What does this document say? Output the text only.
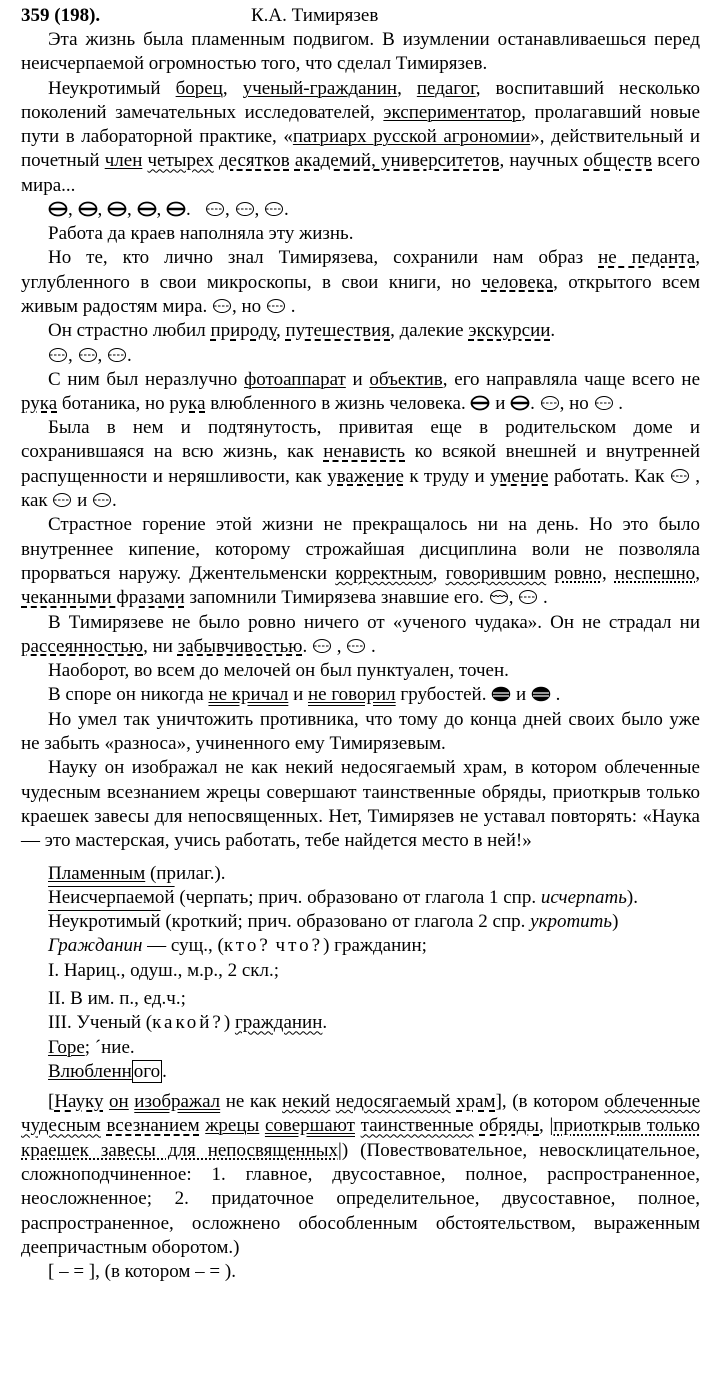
359 (198).	К.А. Тимирязев

Эта жизнь была пламенным подвигом. В изумлении останавливаешься перед неисчерпаемой огромностью того, что сделал Тимирязев.

Неукротимый борец, ученый-гражданин, педагог, воспитавший несколько поколений замечательных исследователей, экспериментатор, пролагавший новые пути в лабораторной практике, «патриарх русской агрономии», действительный и почетный член четырех десятков академий, университетов, научных обществ всего мира...

, , , , .   , , .

Работа да краев наполняла эту жизнь.

Но те, кто лично знал Тимирязева, сохранили нам образ не педанта, углубленного в свои микроскопы, в свои книги, но человека, открытого всем живым радостям мира. , но  .

Он страстно любил природу, путешествия, далекие экскурсии.

, , .

С ним был неразлучно фотоаппарат и объектив, его направляла чаще всего не рука ботаника, но рука влюбленного в жизнь человека.  и . , но  .

Была в нем и подтянутость, привитая еще в родительском доме и сохранившаяся на всю жизнь, как ненависть ко всякой внешней и внутренней распущенности и неряшливости, как уважение к труду и умение работать. Как  , как  и .

Страстное горение этой жизни не прекращалось ни на день. Но это было внутреннее кипение, которому строжайшая дисциплина воли не позволяла прорваться наружу. Джентельменски корректным, говорившим ровно, неспешно, чеканными фразами запомнили Тимирязева знавшие его. ,  .

В Тимирязеве не было ровно ничего от «ученого чудака». Он не страдал ни рассеянностью, ни забывчивостью.  ,  .

Наоборот, во всем до мелочей он был пунктуален, точен.

В споре он никогда не кричал и не говорил грубостей.  и  .

Но умел так уничтожить противника, что тому до конца дней своих было уже не забыть «разноса», учиненного ему Тимирязевым.

Науку он изображал не как некий недосягаемый храм, в котором облеченные чудесным всезнанием жрецы совершают таинственные обряды, приоткрыв только краешек завесы для непосвященных. Нет, Тимирязев не уставал повторять: «Наука — это мастерская, учись работать, тебе найдется место в ней!»

Пламенным (прилаг.).

Неисчерпаемой (черпать; прич. образовано от глагола 1 спр. исчерпать).

Неукротимый (кроткий; прич. образовано от глагола 2 спр. укротить)

Гражданин — сущ., (кто? что?) гражданин;

I. Нариц., одуш., м.р., 2 скл.;

II. В им. п., ед.ч.;

III. Ученый (какой?) гражданин.

Горе; ´ние.

Влюбленн ого .

[Науку он изображал не как некий недосягаемый храм], (в котором облеченные чудесным всезнанием жрецы совершают таинственные обряды, |приоткрыв только краешек завесы для непосвященных|) (Повествовательное, невосклицательное, сложноподчиненное: 1. главное, двусоставное, полное, распространенное, неосложненное; 2. придаточное определительное, двусоставное, полное, распространенное, осложнено обособленным обстоятельством, выраженным деепричастным оборотом.)

[ – = ], (в котором – = ).
